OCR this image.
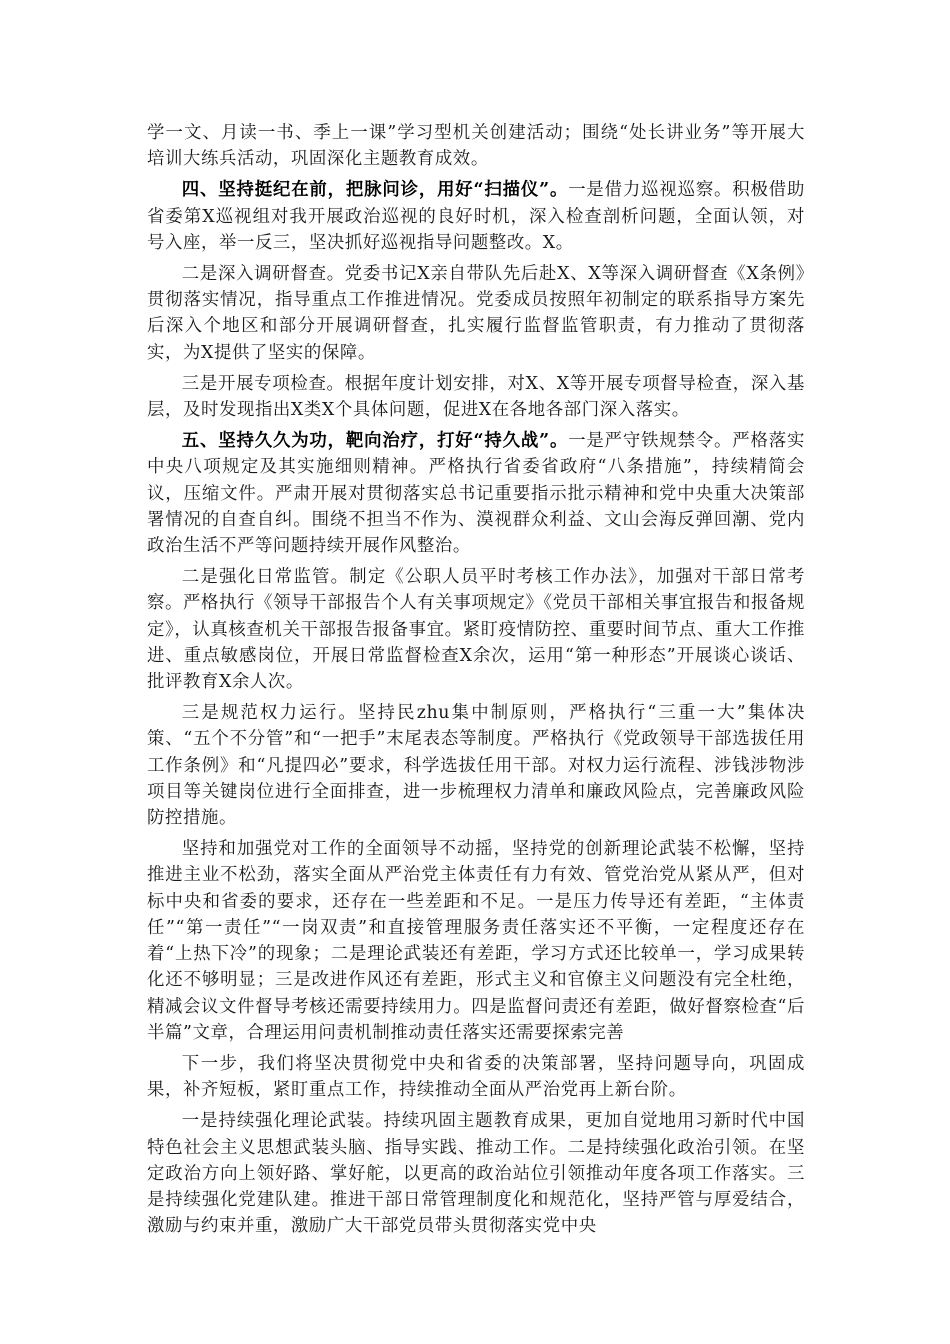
学一文、月读一书、季上一课”学习型机关创建活动；围绕“处长讲业务”等开展大培训大练兵活动，巩固深化主题教育成效。

四、坚持挺纪在前，把脉问诊，用好“扫描仪”。一是借力巡视巡察。积极借助省委第X巡视组对我开展政治巡视的良好时机，深入检查剖析问题，全面认领，对号入座，举一反三，坚决抓好巡视指导问题整改。X。

二是深入调研督查。党委书记X亲自带队先后赴X、X等深入调研督查《X条例》贯彻落实情况，指导重点工作推进情况。党委成员按照年初制定的联系指导方案先后深入个地区和部分开展调研督查，扎实履行监督监管职责，有力推动了贯彻落实，为X提供了坚实的保障。

三是开展专项检查。根据年度计划安排，对X、X等开展专项督导检查，深入基层，及时发现指出X类X个具体问题，促进X在各地各部门深入落实。

五、坚持久久为功，靶向治疗，打好“持久战”。一是严守铁规禁令。严格落实中央八项规定及其实施细则精神。严格执行省委省政府“八条措施”，持续精简会议，压缩文件。严肃开展对贯彻落实总书记重要指示批示精神和党中央重大决策部署情况的自查自纠。围绕不担当不作为、漠视群众利益、文山会海反弹回潮、党内政治生活不严等问题持续开展作风整治。

二是强化日常监管。制定《公职人员平时考核工作办法》，加强对干部日常考察。严格执行《领导干部报告个人有关事项规定》《党员干部相关事宜报告和报备规定》，认真核查机关干部报告报备事宜。紧盯疫情防控、重要时间节点、重大工作推进、重点敏感岗位，开展日常监督检查X余次，运用“第一种形态”开展谈心谈话、批评教育X余人次。

三是规范权力运行。坚持民zhu集中制原则，严格执行“三重一大”集体决策、“五个不分管”和“一把手”末尾表态等制度。严格执行《党政领导干部选拔任用工作条例》和“凡提四必”要求，科学选拔任用干部。对权力运行流程、涉钱涉物涉项目等关键岗位进行全面排查，进一步梳理权力清单和廉政风险点，完善廉政风险防控措施。

坚持和加强党对工作的全面领导不动摇，坚持党的创新理论武装不松懈，坚持推进主业不松劲，落实全面从严治党主体责任有力有效、管党治党从紧从严，但对标中央和省委的要求，还存在一些差距和不足。一是压力传导还有差距，“主体责任”“第一责任”“一岗双责”和直接管理服务责任落实还不平衡，一定程度还存在着“上热下冷”的现象；二是理论武装还有差距，学习方式还比较单一，学习成果转化还不够明显；三是改进作风还有差距，形式主义和官僚主义问题没有完全杜绝，精减会议文件督导考核还需要持续用力。四是监督问责还有差距，做好督察检查“后半篇”文章，合理运用问责机制推动责任落实还需要探索完善

下一步，我们将坚决贯彻党中央和省委的决策部署，坚持问题导向，巩固成果，补齐短板，紧盯重点工作，持续推动全面从严治党再上新台阶。

一是持续强化理论武装。持续巩固主题教育成果，更加自觉地用习新时代中国特色社会主义思想武装头脑、指导实践、推动工作。二是持续强化政治引领。在坚定政治方向上领好路、掌好舵，以更高的政治站位引领推动年度各项工作落实。三是持续强化党建队建。推进干部日常管理制度化和规范化，坚持严管与厚爱结合，激励与约束并重，激励广大干部党员带头贯彻落实党中央
